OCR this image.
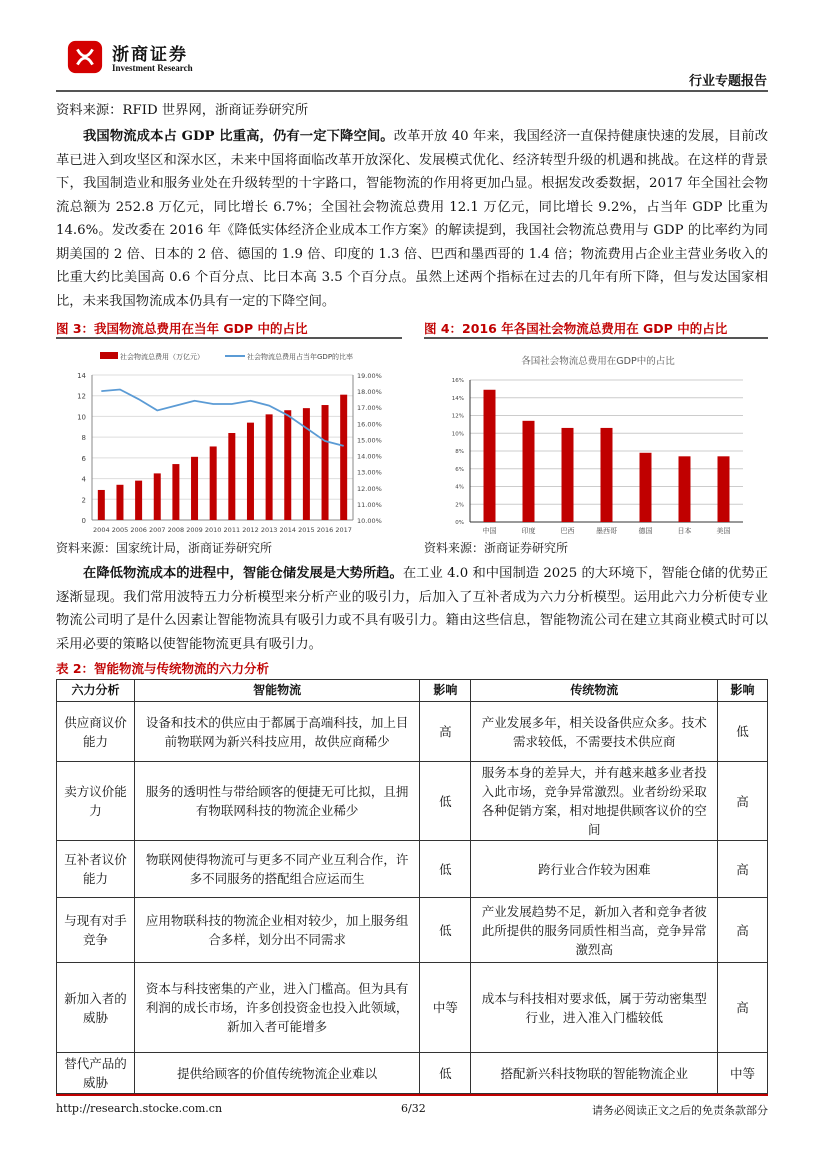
浙商证券
Investment Research
行业专题报告
资料来源：RFID 世界网，浙商证券研究所
我国物流成本占 GDP 比重高，仍有一定下降空间。改革开放 40 年来，我国经济一直保持健康快速的发展，目前改革已进入到攻坚区和深水区，未来中国将面临改革开放深化、发展模式优化、经济转型升级的机遇和挑战。在这样的背景下，我国制造业和服务业处在升级转型的十字路口，智能物流的作用将更加凸显。根据发改委数据，2017 年全国社会物流总额为 252.8 万亿元，同比增长 6.7%；全国社会物流总费用 12.1 万亿元，同比增长 9.2%，占当年 GDP 比重为 14.6%。发改委在 2016 年《降低实体经济企业成本工作方案》的解读提到，我国社会物流总费用与 GDP 的比率约为同期美国的 2 倍、日本的 2 倍、德国的 1.9 倍、印度的 1.3 倍、巴西和墨西哥的 1.4 倍；物流费用占企业主营业务收入的比重大约比美国高 0.6 个百分点、比日本高 3.5 个百分点。虽然上述两个指标在过去的几年有所下降，但与发达国家相比，未来我国物流成本仍具有一定的下降空间。
图 3：我国物流总费用在当年 GDP 中的占比	图 4：2016 年各国社会物流总费用在 GDP 中的占比
社会物流总费用（万亿元）	社会物流总费用占当年GDP的比率
0
2
4
6
8
10
12
14
10.00%
11.00%
12.00%
13.00%
14.00%
15.00%
16.00%
17.00%
18.00%
19.00%
2004 2005 2006 2007 2008 2009 2010 2011 2012 2013 2014 2015 2016 2017
各国社会物流总费用在GDP中的占比
0%
2%
4%
6%
8%
10%
12%
14%
16%
中国	印度	巴西	墨西哥	德国	日本	美国
资料来源：国家统计局，浙商证券研究所	资料来源：浙商证券研究所
在降低物流成本的进程中，智能仓储发展是大势所趋。在工业 4.0 和中国制造 2025 的大环境下，智能仓储的优势正逐渐显现。我们常用波特五力分析模型来分析产业的吸引力，后加入了互补者成为六力分析模型。运用此六力分析使专业物流公司明了是什么因素让智能物流具有吸引力或不具有吸引力。籍由这些信息，智能物流公司在建立其商业模式时可以采用必要的策略以使智能物流更具有吸引力。
表 2：智能物流与传统物流的六力分析
六力分析	智能物流	影响	传统物流	影响
供应商议价能力	设备和技术的供应由于都属于高端科技，加上目前物联网为新兴科技应用，故供应商稀少	高	产业发展多年，相关设备供应众多。技术需求较低，不需要技术供应商	低
卖方议价能力	服务的透明性与带给顾客的便捷无可比拟，且拥有物联网科技的物流企业稀少	低	服务本身的差异大，并有越来越多业者投入此市场，竞争异常激烈。业者纷纷采取各种促销方案，相对地提供顾客议价的空间	高
互补者议价能力	物联网使得物流可与更多不同产业互利合作，许多不同服务的搭配组合应运而生	低	跨行业合作较为困难	高
与现有对手竞争	应用物联科技的物流企业相对较少，加上服务组合多样，划分出不同需求	低	产业发展趋势不足，新加入者和竞争者彼此所提供的服务同质性相当高，竞争异常激烈高	高
新加入者的威胁	资本与科技密集的产业，进入门槛高。但为具有利润的成长市场，许多创投资金也投入此领域，新加入者可能增多	中等	成本与科技相对要求低，属于劳动密集型行业，进入准入门槛较低	高
替代产品的威胁	提供给顾客的价值传统物流企业难以	低	搭配新兴科技物联的智能物流企业	中等
http://research.stocke.com.cn	6/32	请务必阅读正文之后的免责条款部分
